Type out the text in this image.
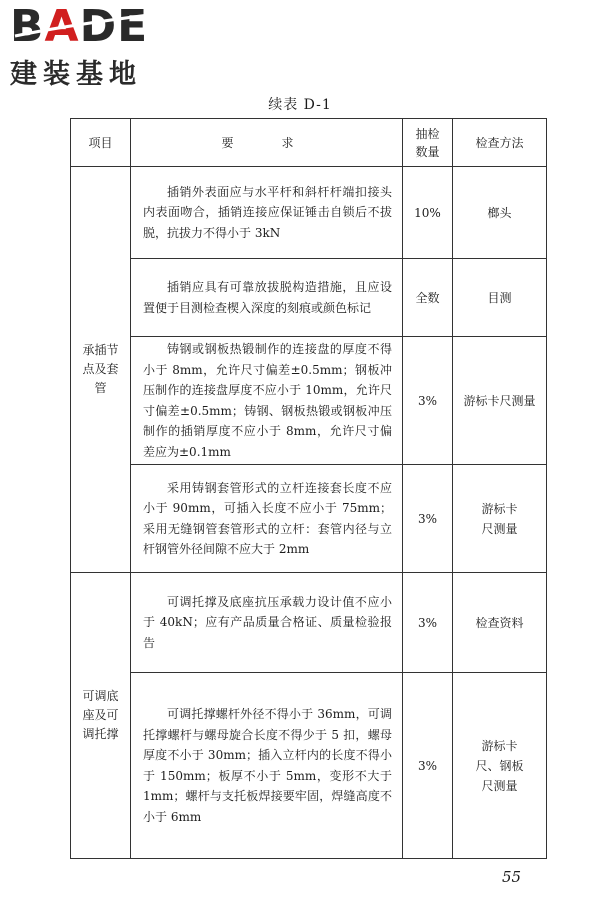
BADE
建装基地
续表 D-1
项目	要　求	抽检数量	检查方法
承插节点及套管	插销外表面应与水平杆和斜杆杆端扣接头内表面吻合，插销连接应保证锤击自锁后不拔脱，抗拔力不得小于 3kN	10%	榔头
	插销应具有可靠放拔脱构造措施，且应设置便于目测检查楔入深度的刻痕或颜色标记	全数	目测
	铸钢或钢板热锻制作的连接盘的厚度不得小于 8mm，允许尺寸偏差±0.5mm；钢板冲压制作的连接盘厚度不应小于 10mm，允许尺寸偏差±0.5mm；铸钢、钢板热锻或钢板冲压制作的插销厚度不应小于 8mm，允许尺寸偏差应为±0.1mm	3%	游标卡尺测量
	采用铸钢套管形式的立杆连接套长度不应小于 90mm，可插入长度不应小于 75mm；采用无缝钢管套管形式的立杆：套管内径与立杆钢管外径间隙不应大于 2mm	3%	游标卡尺测量
可调底座及可调托撑	可调托撑及底座抗压承载力设计值不应小于 40kN；应有产品质量合格证、质量检验报告	3%	检查资料
	可调托撑螺杆外径不得小于 36mm，可调托撑螺杆与螺母旋合长度不得少于 5 扣，螺母厚度不小于 30mm；插入立杆内的长度不得小于 150mm；板厚不小于 5mm，变形不大于 1mm；螺杆与支托板焊接要牢固，焊缝高度不小于 6mm	3%	游标卡尺、钢板尺测量
55
